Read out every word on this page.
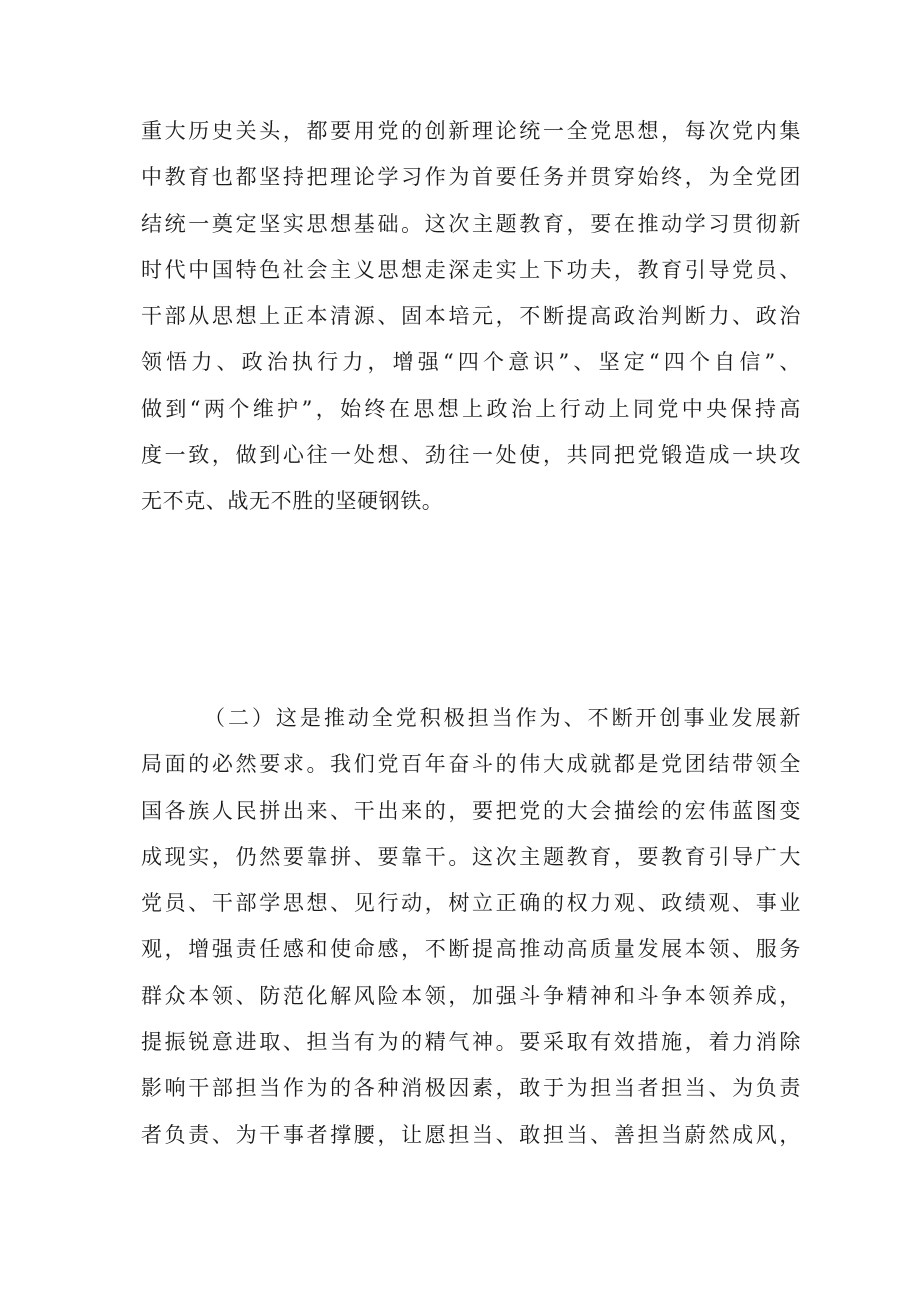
重大历史关头，都要用党的创新理论统一全党思想，每次党内集
中教育也都坚持把理论学习作为首要任务并贯穿始终，为全党团
结统一奠定坚实思想基础。这次主题教育，要在推动学习贯彻新
时代中国特色社会主义思想走深走实上下功夫，教育引导党员、
干部从思想上正本清源、固本培元，不断提高政治判断力、政治
领悟力、政治执行力，增强“四个意识”、坚定“四个自信”、
做到“两个维护”，始终在思想上政治上行动上同党中央保持高
度一致，做到心往一处想、劲往一处使，共同把党锻造成一块攻
无不克、战无不胜的坚硬钢铁。

（二）这是推动全党积极担当作为、不断开创事业发展新
局面的必然要求。我们党百年奋斗的伟大成就都是党团结带领全
国各族人民拼出来、干出来的，要把党的大会描绘的宏伟蓝图变
成现实，仍然要靠拼、要靠干。这次主题教育，要教育引导广大
党员、干部学思想、见行动，树立正确的权力观、政绩观、事业
观，增强责任感和使命感，不断提高推动高质量发展本领、服务
群众本领、防范化解风险本领，加强斗争精神和斗争本领养成，
提振锐意进取、担当有为的精气神。要采取有效措施，着力消除
影响干部担当作为的各种消极因素，敢于为担当者担当、为负责
者负责、为干事者撑腰，让愿担当、敢担当、善担当蔚然成风，
